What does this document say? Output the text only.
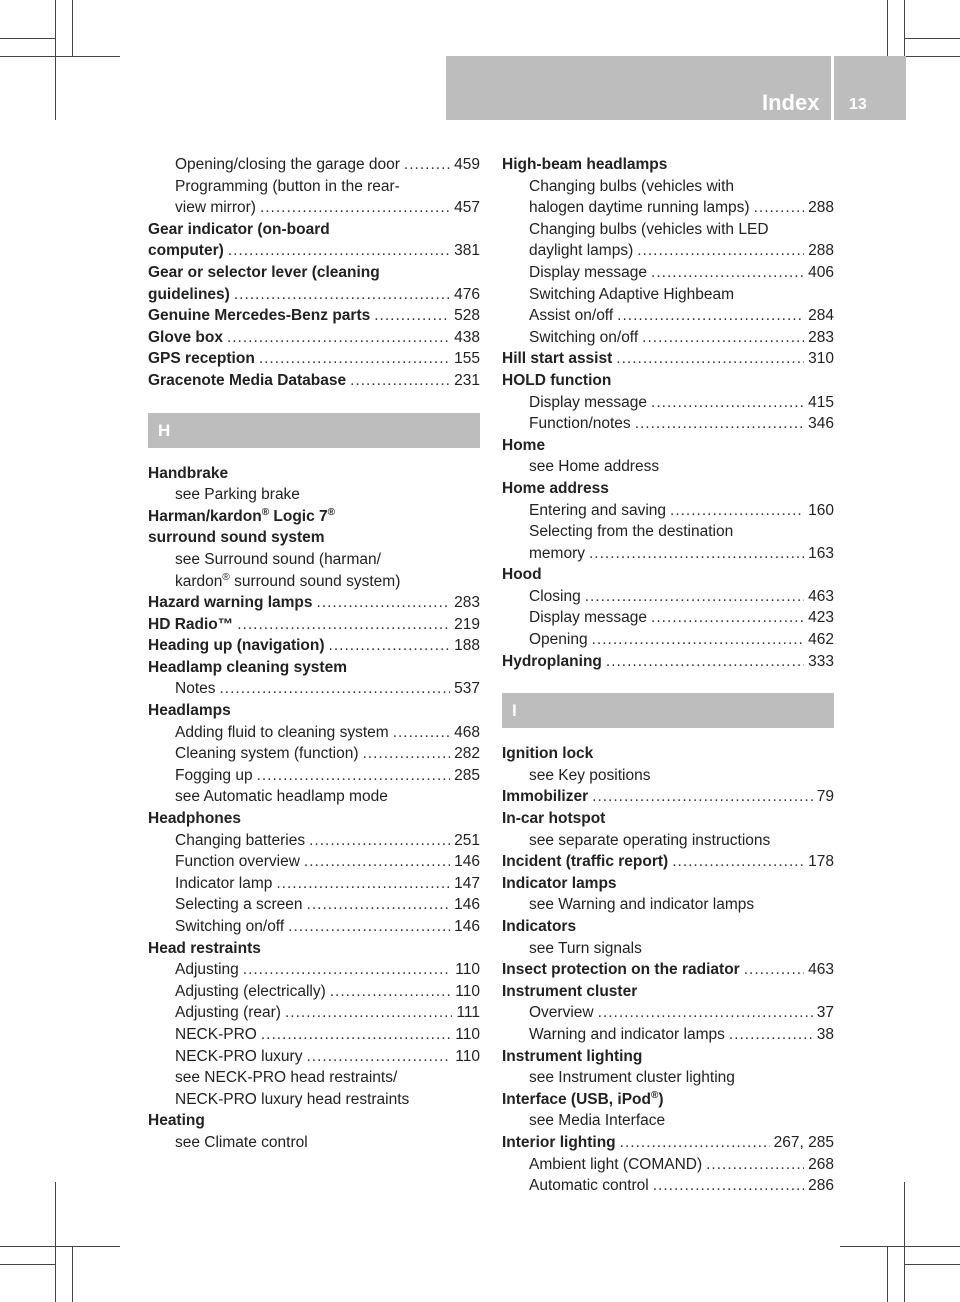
Index 13
Opening/closing the garage door .....	459
Programming (button in the rear-
view mirror) .....	457
Gear indicator (on-board
computer) .....	381
Gear or selector lever (cleaning
guidelines) .....	476
Genuine Mercedes-Benz parts .....	528
Glove box .....	438
GPS reception .....	155
Gracenote Media Database .....	231
H
Handbrake
see Parking brake
Harman/kardon® Logic 7®
surround sound system
see Surround sound (harman/
kardon® surround sound system)
Hazard warning lamps .....	283
HD Radio™ .....	219
Heading up (navigation) .....	188
Headlamp cleaning system
Notes .....	537
Headlamps
Adding fluid to cleaning system .....	468
Cleaning system (function) .....	282
Fogging up .....	285
see Automatic headlamp mode
Headphones
Changing batteries .....	251
Function overview .....	146
Indicator lamp .....	147
Selecting a screen .....	146
Switching on/off .....	146
Head restraints
Adjusting .....	110
Adjusting (electrically) .....	110
Adjusting (rear) .....	111
NECK-PRO .....	110
NECK-PRO luxury .....	110
see NECK-PRO head restraints/
NECK-PRO luxury head restraints
Heating
see Climate control
High-beam headlamps
Changing bulbs (vehicles with
halogen daytime running lamps) .....	288
Changing bulbs (vehicles with LED
daylight lamps) .....	288
Display message .....	406
Switching Adaptive Highbeam
Assist on/off .....	284
Switching on/off .....	283
Hill start assist .....	310
HOLD function
Display message .....	415
Function/notes .....	346
Home
see Home address
Home address
Entering and saving .....	160
Selecting from the destination
memory .....	163
Hood
Closing .....	463
Display message .....	423
Opening .....	462
Hydroplaning .....	333
I
Ignition lock
see Key positions
Immobilizer .....	79
In-car hotspot
see separate operating instructions
Incident (traffic report) .....	178
Indicator lamps
see Warning and indicator lamps
Indicators
see Turn signals
Insect protection on the radiator .....	463
Instrument cluster
Overview .....	37
Warning and indicator lamps .....	38
Instrument lighting
see Instrument cluster lighting
Interface (USB, iPod®)
see Media Interface
Interior lighting .....	267, 285
Ambient light (COMAND) .....	268
Automatic control .....	286
